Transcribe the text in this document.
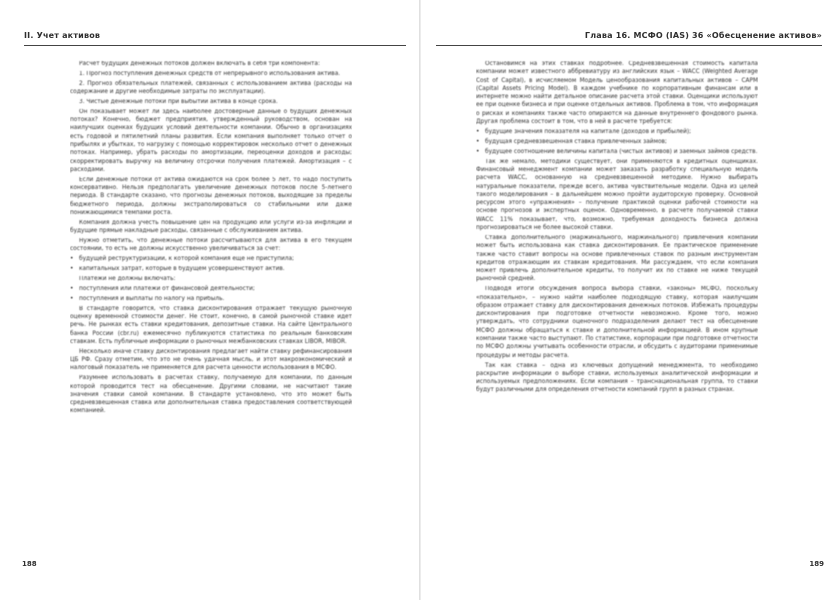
II. Учет активов	Глава 16. МСФО (IAS) 36 «Обесценение активов»

Расчет будущих денежных потоков должен включать в себя три компонента:

1. Прогноз поступления денежных средств от непрерывного использования актива.

2. Прогноз обязательных платежей, связанных с использованием актива (расходы на содержание и другие необходимые затраты по эксплуатации).

3. Чистые денежные потоки при выбытии актива в конце срока.

Он показывает может ли здесь наиболее достоверные данные о будущих денежных потоках? Конечно, бюджет предприятия, утвержденный руководством, основан на наилучших оценках будущих условий деятельности компании. Обычно в организациях есть годовой и пятилетний планы развития. Если компания выполняет только отчет о прибылях и убытках, то нагрузку с помощью корректировок несколько отчет о денежных потоках. Например, убрать расходы по амортизации, переоценки доходов и расходы; скорректировать выручку на величину отсрочки получения платежей. Амортизация – с расходами.

Если денежные потоки от актива ожидаются на срок более 5 лет, то надо поступить консервативно. Нельзя предполагать увеличение денежных потоков после 5-летнего периода. В стандарте сказано, что прогнозы денежных потоков, выходящие за пределы бюджетного периода, должны экстраполироваться со стабильными или даже понижающимися темпами роста.

Компания должна учесть повышение цен на продукцию или услуги из-за инфляции и будущие прямые накладные расходы, связанные с обслуживанием актива.

Нужно отметить, что денежные потоки рассчитываются для актива в его текущем состоянии, то есть не должны искусственно увеличиваться за счет:

• будущей реструктуризации, к которой компания еще не приступила;

• капитальных затрат, которые в будущем усовершенствуют актив.

Платежи не должны включать:

• поступления или платежи от финансовой деятельности;

• поступления и выплаты по налогу на прибыль.

В стандарте говорится, что ставка дисконтирования отражает текущую рыночную оценку временной стоимости денег. Не стоит, конечно, в самой рыночной ставке идет речь. Не рынках есть ставки кредитования, депозитные ставки. На сайте Центрального банка России (cbr.ru) ежемесячно публикуются статистика по реальным банковским ставкам. Есть публичные информации о рыночных межбанковских ставках LIBOR, MIBOR.

Несколько иначе ставку дисконтирования предлагает найти ставку рефинансирования ЦБ РФ. Сразу отметим, что это не очень удачная мысль, и этот макроэкономический и налоговый показатель не применяется для расчета ценности использования в МСФО.

Разумнее использовать в расчетах ставку, получаемую для компании, по данным которой проводится тест на обесценение. Другими словами, не насчитают такие значения ставки самой компании. В стандарте установлено, что это может быть средневзвешенная ставка или дополнительная ставка предоставления соответствующей компанией.

Остановимся на этих ставках подробнее. Средневзвешенная стоимость капитала компании может известного аббревиатуру из английских язык – WACC (Weighted Average Cost of Capital), в исчисляемом Модель ценообразования капитальных активов – CAPM (Capital Assets Pricing Model). В каждом учебнике по корпоративным финансам или в интернете можно найти детальное описание расчета этой ставки. Оценщики используют ее при оценке бизнеса и при оценке отдельных активов. Проблема в том, что информация о рисках и компаниях также часто опираются на данные внутреннего фондового рынка. Другая проблема состоит в том, что в ней в расчете требуется:

• будущие значения показателя на капитале (доходов и прибылей);

• будущая средневзвешенная ставка привлеченных займов;

• будущее соотношение величины капитала (чистых активов) и заемных займов средств.

Так же немало, методики существует, они применяются в кредитных оценщиках. Финансовый менеджмент компании может заказать разработку специальную модель расчета WACC, основанную на средневзвешенной методике. Нужно выбирать натуральные показатели, прежде всего, актива чувствительные модели. Одна из целей такого моделирования – в дальнейшем можно пройти аудиторскую проверку. Основной ресурсом этого «упражнения» – получение практикой оценки рабочей стоимости на основе прогнозов и экспертных оценок. Одновременно, в расчете получаемой ставки WACC 11% показывает, что, возможно, требуемая доходность бизнеса должна прогнозироваться не более высокой ставки.

Ставка дополнительного (маржинального, маржинального) привлечения компании может быть использована как ставка дисконтирования. Ее практическое применение также часто ставит вопросы на основе привлеченных ставок по разным инструментам кредитов отражающим их ставкам кредитования. Ми рассуждаем, что если компания может привлечь дополнительное кредиты, то получит их по ставке не ниже текущей рыночной средней.

Подводя итоги обсуждения вопроса выбора ставки, «законы» МСФО, поскольку «показательно», – нужно найти наиболее подходящую ставку, которая наилучшим образом отражает ставку для дисконтирования денежных потоков. Избежать процедуры дисконтирования при подготовке отчетности невозможно. Кроме того, можно утверждать, что сотрудники оценочного подразделения делают тест на обесценение МСФО должны обращаться к ставке и дополнительной информацией. В ином крупные компании также часто выступают. По статистике, корпорации при подготовке отчетности по МСФО должны учитывать особенности отрасли, и обсудить с аудиторами применимые процедуры и методы расчета.

Так как ставка – одна из ключевых допущений менеджмента, то необходимо раскрытие информации о выборе ставки, используемых аналитической информации и используемых предположениях. Если компания – транснациональная группа, то ставки будут различными для определения отчетности компаний групп в разных странах.

188	189
